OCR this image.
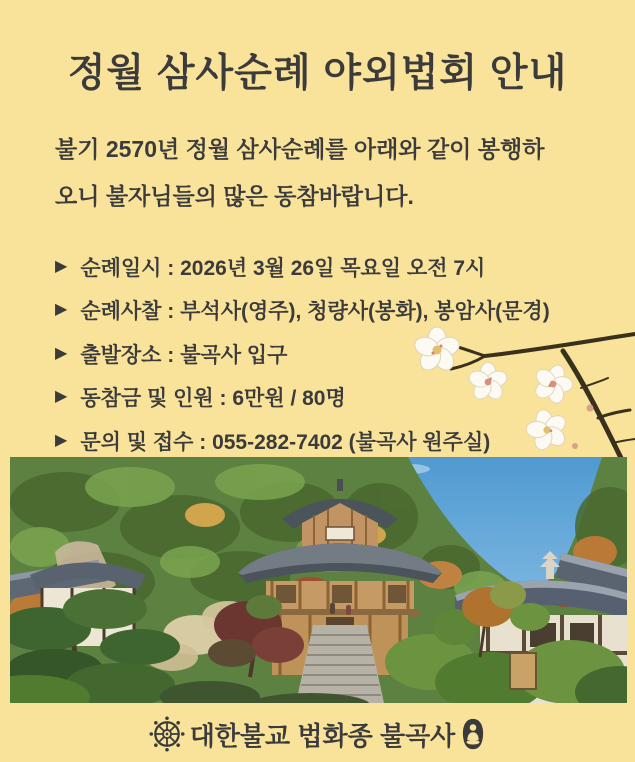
정월 삼사순례 야외법회 안내
불기 2570년 정월 삼사순례를 아래와 같이 봉행하
오니 불자님들의 많은 동참바랍니다.
▶ 순례일시 : 2026년 3월 26일 목요일 오전 7시
▶ 순례사찰 : 부석사(영주), 청량사(봉화), 봉암사(문경)
▶ 출발장소 : 불곡사 입구
▶ 동참금 및 인원 : 6만원 / 80명
▶ 문의 및 접수 : 055-282-7402 (불곡사 원주실)
대한불교 법화종 불곡사
